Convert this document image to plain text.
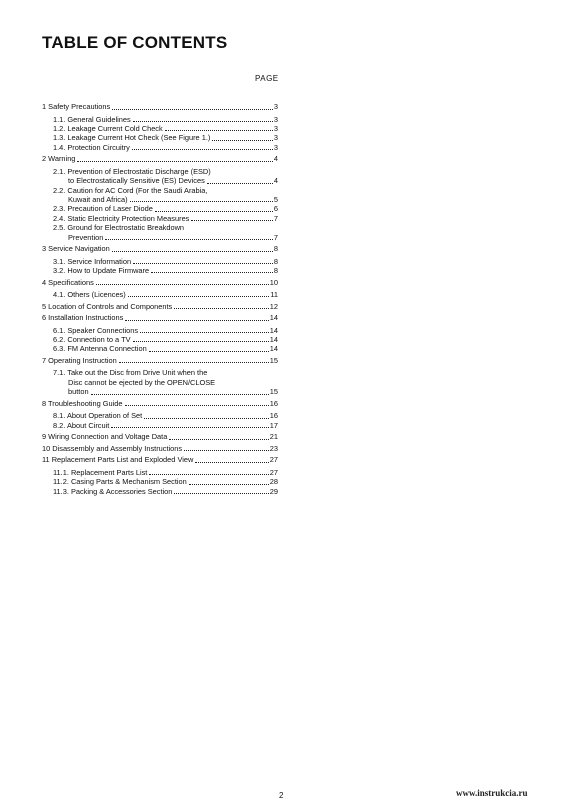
TABLE OF CONTENTS
PAGE
1 Safety Precautions	3
1.1. General Guidelines	3
1.2. Leakage Current Cold Check	3
1.3. Leakage Current Hot Check (See Figure 1.)	3
1.4. Protection Circuitry	3
2 Warning	4
2.1. Prevention of Electrostatic Discharge (ESD)
to Electrostatically Sensitive (ES) Devices	4
2.2. Caution for AC Cord (For the Saudi Arabia,
Kuwait and Africa)	5
2.3. Precaution of Laser Diode	6
2.4. Static Electricity Protection Measures	7
2.5. Ground for Electrostatic Breakdown
Prevention	7
3 Service Navigation	8
3.1. Service Information	8
3.2. How to Update Firmware	8
4 Specifications	10
4.1. Others (Licences)	11
5 Location of Controls and Components	12
6 Installation Instructions	14
6.1. Speaker Connections	14
6.2. Connection to a TV	14
6.3. FM Antenna Connection	14
7 Operating Instruction	15
7.1. Take out the Disc from Drive Unit when the
Disc cannot be ejected by the OPEN/CLOSE
button	15
8 Troubleshooting Guide	16
8.1. About Operation of Set	16
8.2. About Circuit	17
9 Wiring Connection and Voltage Data	21
10 Disassembly and Assembly Instructions	23
11 Replacement Parts List and Exploded View	27
11.1. Replacement Parts List	27
11.2. Casing Parts & Mechanism Section	28
11.3. Packing & Accessories Section	29
2	www.instrukcia.ru
